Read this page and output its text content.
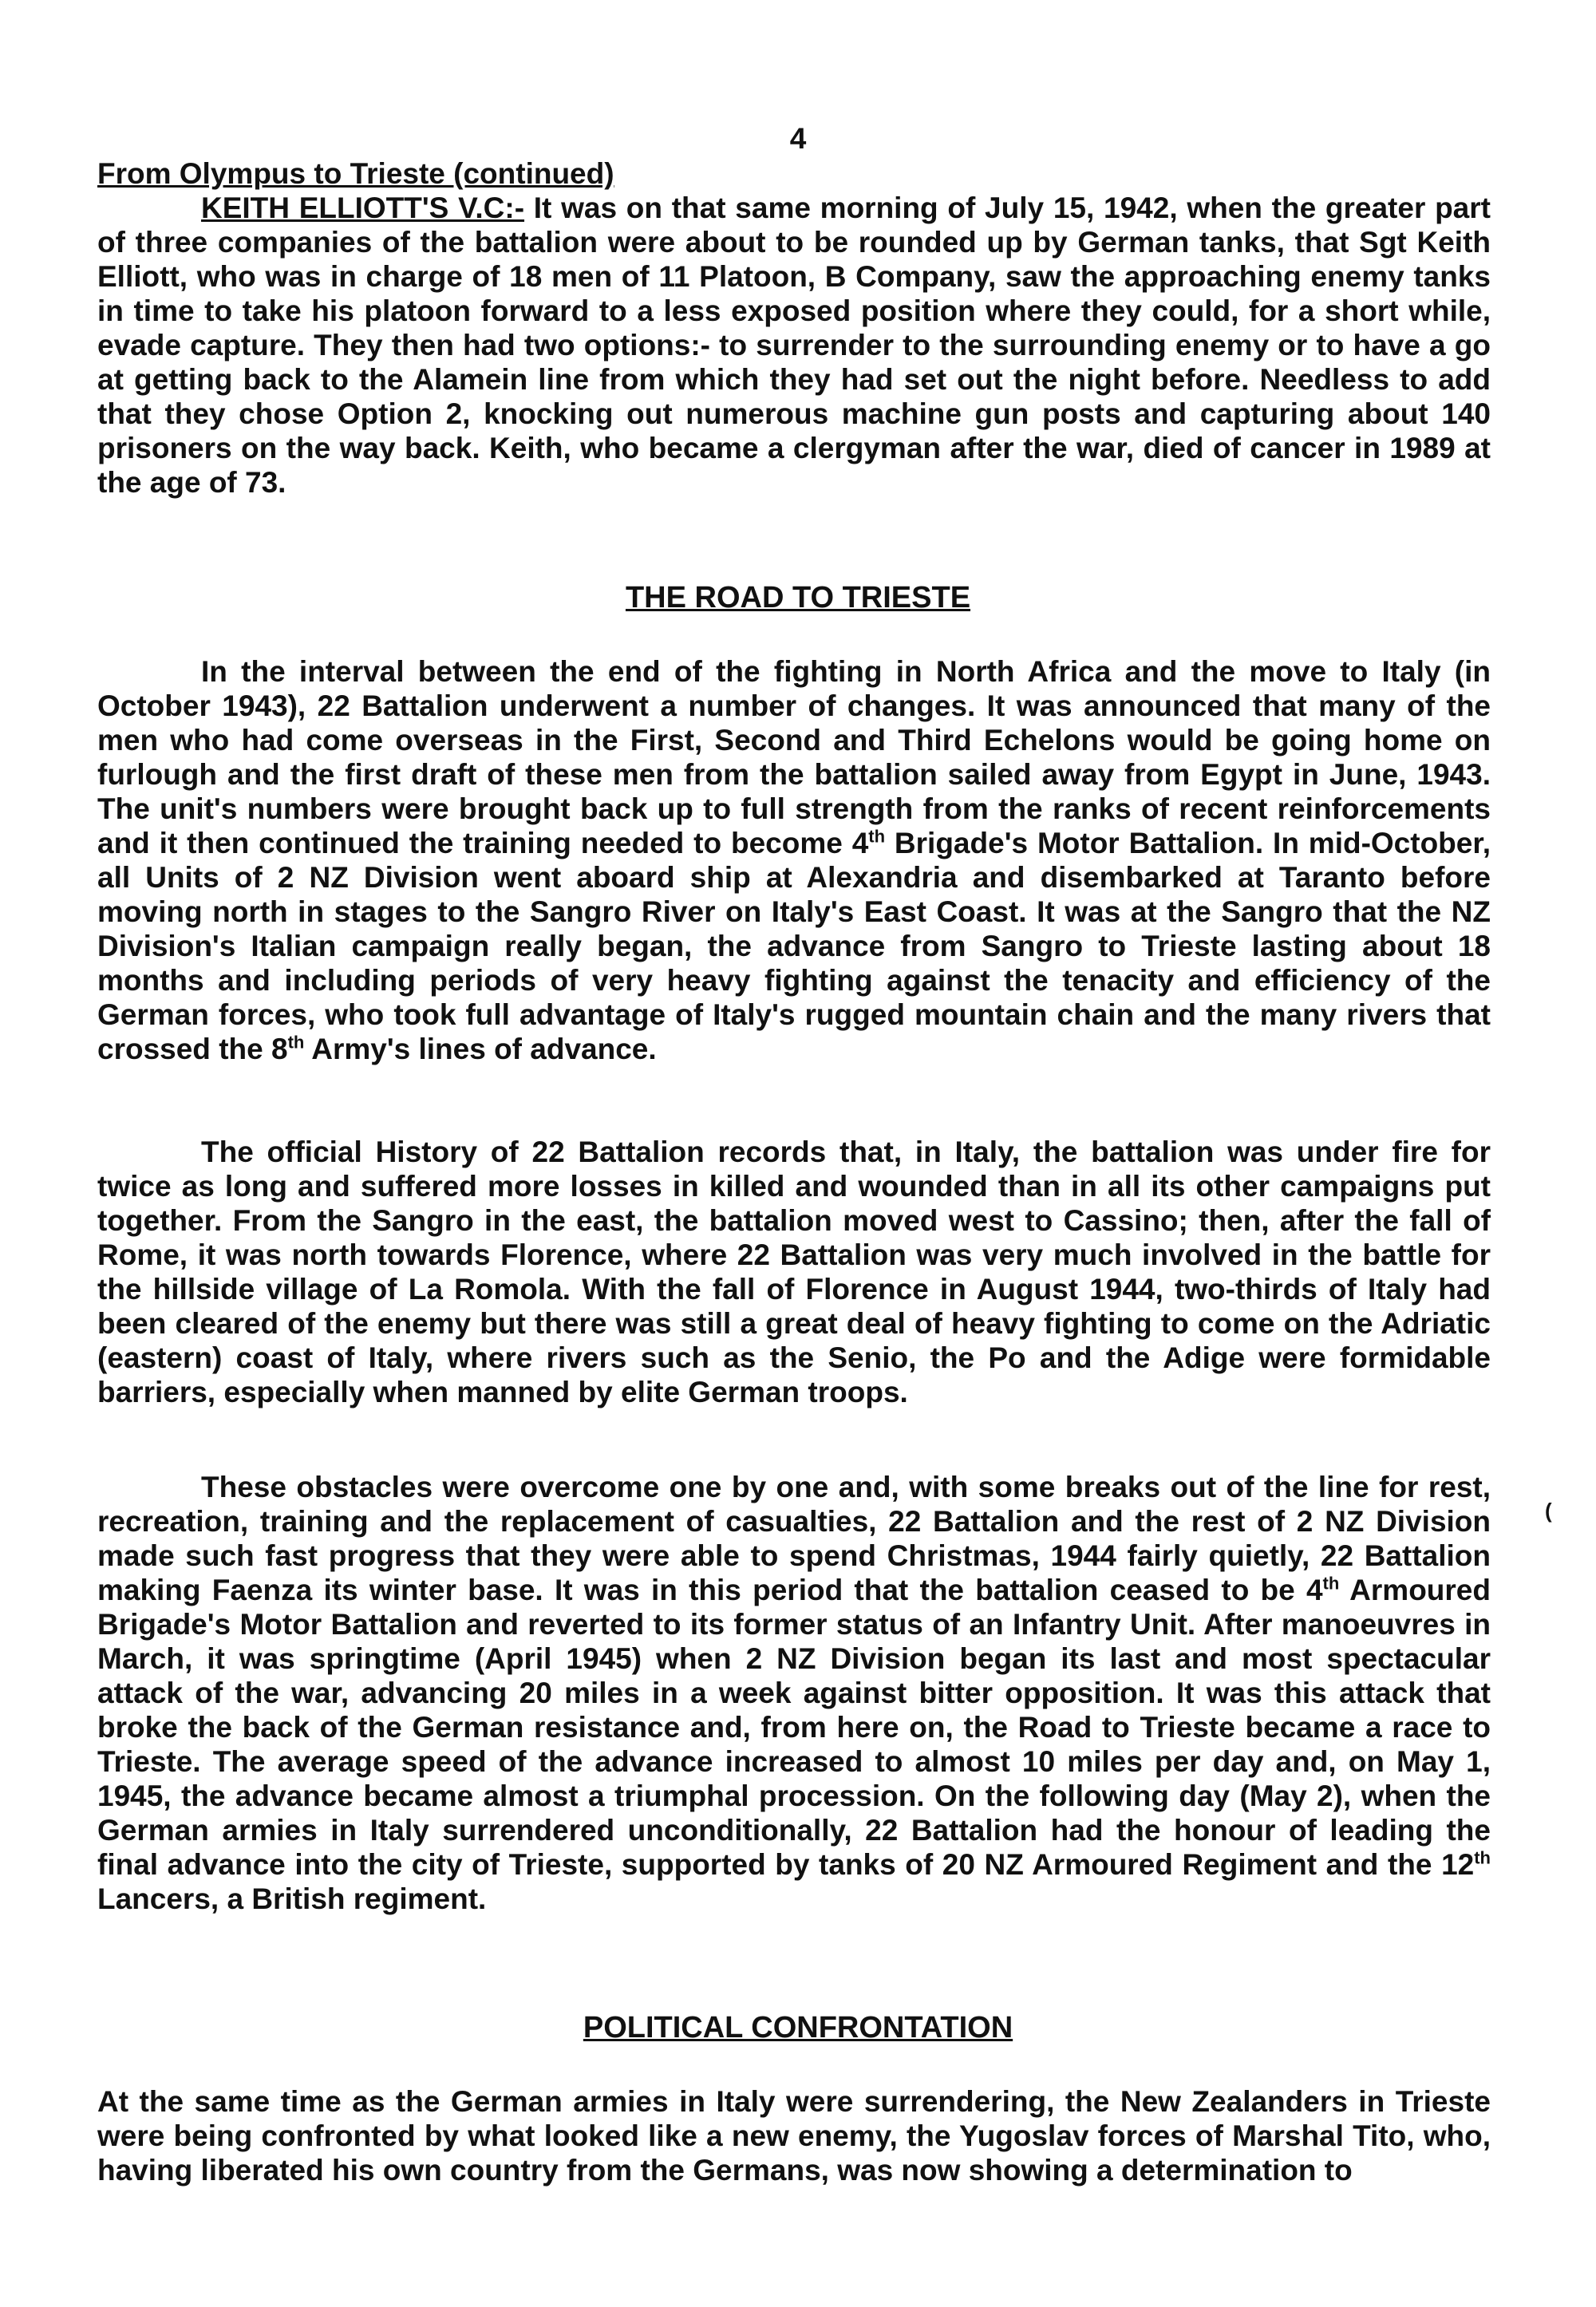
4
From Olympus to Trieste (continued)

KEITH ELLIOTT'S V.C:- It was on that same morning of July 15, 1942, when the greater part of three companies of the battalion were about to be rounded up by German tanks, that Sgt Keith Elliott, who was in charge of 18 men of 11 Platoon, B Company, saw the approaching enemy tanks in time to take his platoon forward to a less exposed position where they could, for a short while, evade capture. They then had two options:- to surrender to the surrounding enemy or to have a go at getting back to the Alamein line from which they had set out the night before. Needless to add that they chose Option 2, knocking out numerous machine gun posts and capturing about 140 prisoners on the way back. Keith, who became a clergyman after the war, died of cancer in 1989 at the age of 73.

THE ROAD TO TRIESTE

In the interval between the end of the fighting in North Africa and the move to Italy (in October 1943), 22 Battalion underwent a number of changes. It was announced that many of the men who had come overseas in the First, Second and Third Echelons would be going home on furlough and the first draft of these men from the battalion sailed away from Egypt in June, 1943. The unit's numbers were brought back up to full strength from the ranks of recent reinforcements and it then continued the training needed to become 4th Brigade's Motor Battalion. In mid-October, all Units of 2 NZ Division went aboard ship at Alexandria and disembarked at Taranto before moving north in stages to the Sangro River on Italy's East Coast. It was at the Sangro that the NZ Division's Italian campaign really began, the advance from Sangro to Trieste lasting about 18 months and including periods of very heavy fighting against the tenacity and efficiency of the German forces, who took full advantage of Italy's rugged mountain chain and the many rivers that crossed the 8th Army's lines of advance.

The official History of 22 Battalion records that, in Italy, the battalion was under fire for twice as long and suffered more losses in killed and wounded than in all its other campaigns put together. From the Sangro in the east, the battalion moved west to Cassino; then, after the fall of Rome, it was north towards Florence, where 22 Battalion was very much involved in the battle for the hillside village of La Romola. With the fall of Florence in August 1944, two-thirds of Italy had been cleared of the enemy but there was still a great deal of heavy fighting to come on the Adriatic (eastern) coast of Italy, where rivers such as the Senio, the Po and the Adige were formidable barriers, especially when manned by elite German troops.

These obstacles were overcome one by one and, with some breaks out of the line for rest, recreation, training and the replacement of casualties, 22 Battalion and the rest of 2 NZ Division made such fast progress that they were able to spend Christmas, 1944 fairly quietly, 22 Battalion making Faenza its winter base. It was in this period that the battalion ceased to be 4th Armoured Brigade's Motor Battalion and reverted to its former status of an Infantry Unit. After manoeuvres in March, it was springtime (April 1945) when 2 NZ Division began its last and most spectacular attack of the war, advancing 20 miles in a week against bitter opposition. It was this attack that broke the back of the German resistance and, from here on, the Road to Trieste became a race to Trieste. The average speed of the advance increased to almost 10 miles per day and, on May 1, 1945, the advance became almost a triumphal procession. On the following day (May 2), when the German armies in Italy surrendered unconditionally, 22 Battalion had the honour of leading the final advance into the city of Trieste, supported by tanks of 20 NZ Armoured Regiment and the 12th Lancers, a British regiment.

POLITICAL CONFRONTATION

At the same time as the German armies in Italy were surrendering, the New Zealanders in Trieste were being confronted by what looked like a new enemy, the Yugoslav forces of Marshal Tito, who, having liberated his own country from the Germans, was now showing a determination to

(
